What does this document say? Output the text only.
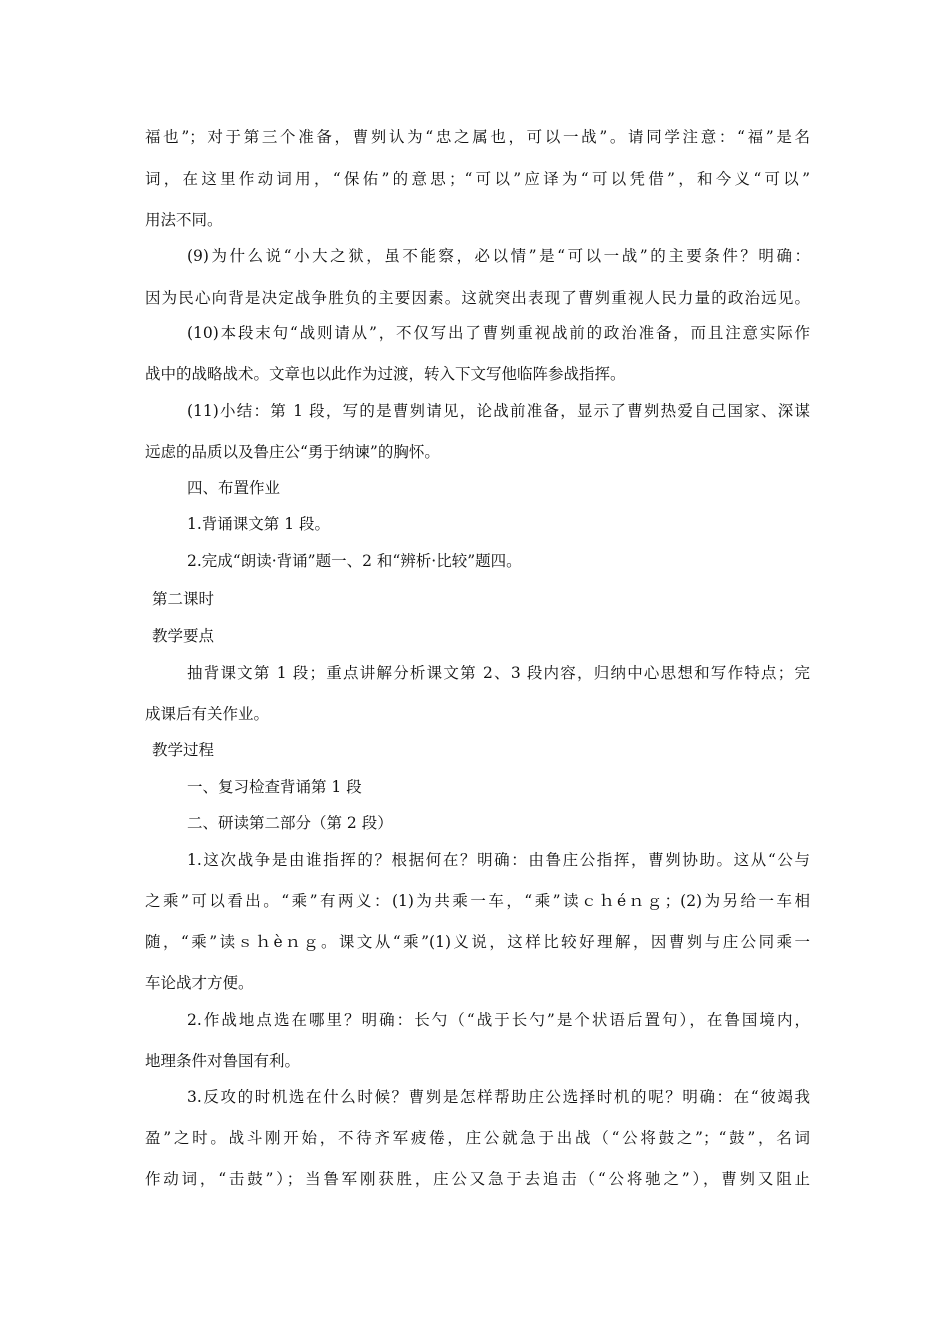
福也”；对于第三个准备，曹刿认为“忠之属也，可以一战”。请同学注意：“福”是名
词，在这里作动词用，“保佑”的意思；“可以”应译为“可以凭借”，和今义“可以”
用法不同。
(9)为什么说“小大之狱，虽不能察，必以情”是“可以一战”的主要条件？明确：
因为民心向背是决定战争胜负的主要因素。这就突出表现了曹刿重视人民力量的政治远见。
(10)本段末句“战则请从”，不仅写出了曹刿重视战前的政治准备，而且注意实际作
战中的战略战术。文章也以此作为过渡，转入下文写他临阵参战指挥。
(11)小结：第 1 段，写的是曹刿请见，论战前准备，显示了曹刿热爱自己国家、深谋
远虑的品质以及鲁庄公“勇于纳谏”的胸怀。
四、布置作业
1.背诵课文第 1 段。
2.完成“朗读·背诵”题一、2 和“辨析·比较”题四。
第二课时
教学要点
抽背课文第 1 段；重点讲解分析课文第 2、3 段内容，归纳中心思想和写作特点；完
成课后有关作业。
教学过程
一、复习检查背诵第 1 段
二、研读第二部分（第 2 段）
1.这次战争是由谁指挥的？根据何在？明确：由鲁庄公指挥，曹刿协助。这从“公与
之乘”可以看出。“乘”有两义：(1)为共乘一车，“乘”读ｃｈéｎｇ；(2)为另给一车相
随，“乘”读ｓｈèｎｇ。课文从“乘”(1)义说，这样比较好理解，因曹刿与庄公同乘一
车论战才方便。
2.作战地点选在哪里？明确：长勺（“战于长勺”是个状语后置句），在鲁国境内，
地理条件对鲁国有利。
3.反攻的时机选在什么时候？曹刿是怎样帮助庄公选择时机的呢？明确：在“彼竭我
盈”之时。战斗刚开始，不待齐军疲倦，庄公就急于出战（“公将鼓之”；“鼓”，名词
作动词，“击鼓”）；当鲁军刚获胜，庄公又急于去追击（“公将驰之”），曹刿又阻止
